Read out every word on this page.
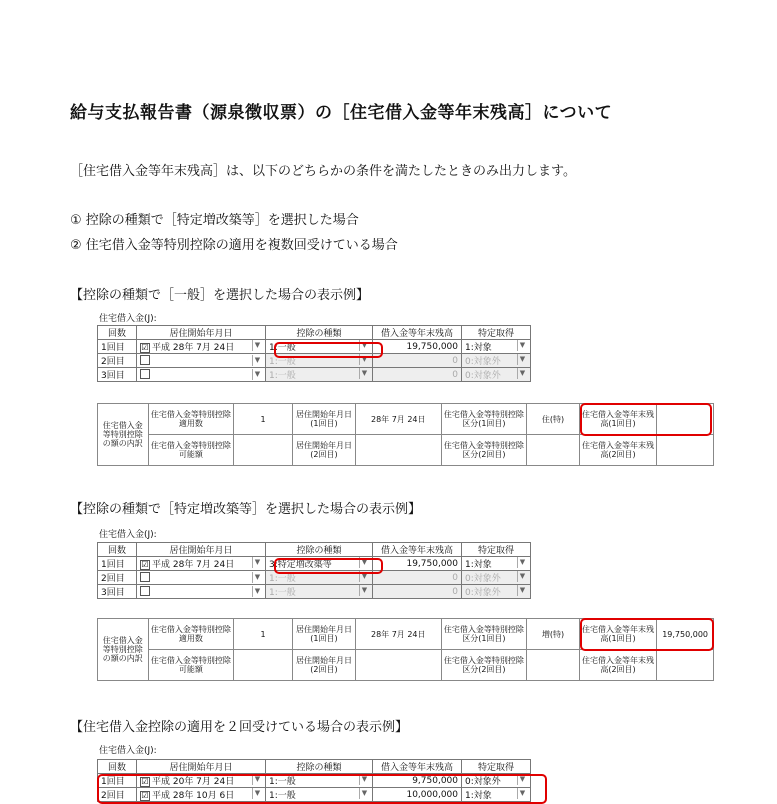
給与支払報告書（源泉徴収票）の［住宅借入金等年末残高］について
［住宅借入金等年末残高］は、以下のどちらかの条件を満たしたときのみ出力します。
① 控除の種類で［特定増改築等］を選択した場合
② 住宅借入金等特別控除の適用を複数回受けている場合
【控除の種類で［一般］を選択した場合の表示例】
住宅借入金(J):
回数	居住開始年月日	控除の種類	借入金等年末残高	特定取得
1回目	☑ 平成 28年 7月 24日 ▼	1:一般 ▼	19,750,000	1:対象 ▼

2回目	▼	1:一般 ▼	0	0:対象外 ▼

3回目	▼	1:一般 ▼	0	0:対象外 ▼
住宅借入金等特別控除の額の内訳	住宅借入金等特別控除適用数	1	居住開始年月日(1回目)	28年 7月 24日	住宅借入金等特別控除区分(1回目)	住(特)	住宅借入金等年末残高(1回目)	
	住宅借入金等特別控除可能額		居住開始年月日(2回目)		住宅借入金等特別控除区分(2回目)		住宅借入金等年末残高(2回目)	
【控除の種類で［特定増改築等］を選択した場合の表示例】
住宅借入金(J):
回数	居住開始年月日	控除の種類	借入金等年末残高	特定取得
1回目	☑ 平成 28年 7月 24日 ▼	3:特定増改築等 ▼	19,750,000	1:対象 ▼

2回目	▼	1:一般 ▼	0	0:対象外 ▼

3回目	▼	1:一般 ▼	0	0:対象外 ▼
住宅借入金等特別控除の額の内訳	住宅借入金等特別控除適用数	1	居住開始年月日(1回目)	28年 7月 24日	住宅借入金等特別控除区分(1回目)	増(特)	住宅借入金等年末残高(1回目)	19,750,000
	住宅借入金等特別控除可能額		居住開始年月日(2回目)		住宅借入金等特別控除区分(2回目)		住宅借入金等年末残高(2回目)	
【住宅借入金控除の適用を２回受けている場合の表示例】
住宅借入金(J):
回数	居住開始年月日	控除の種類	借入金等年末残高	特定取得
1回目	☑ 平成 20年 7月 24日 ▼	1:一般 ▼	9,750,000	0:対象外 ▼

2回目	☑ 平成 28年 10月 6日 ▼	1:一般 ▼	10,000,000	1:対象 ▼
